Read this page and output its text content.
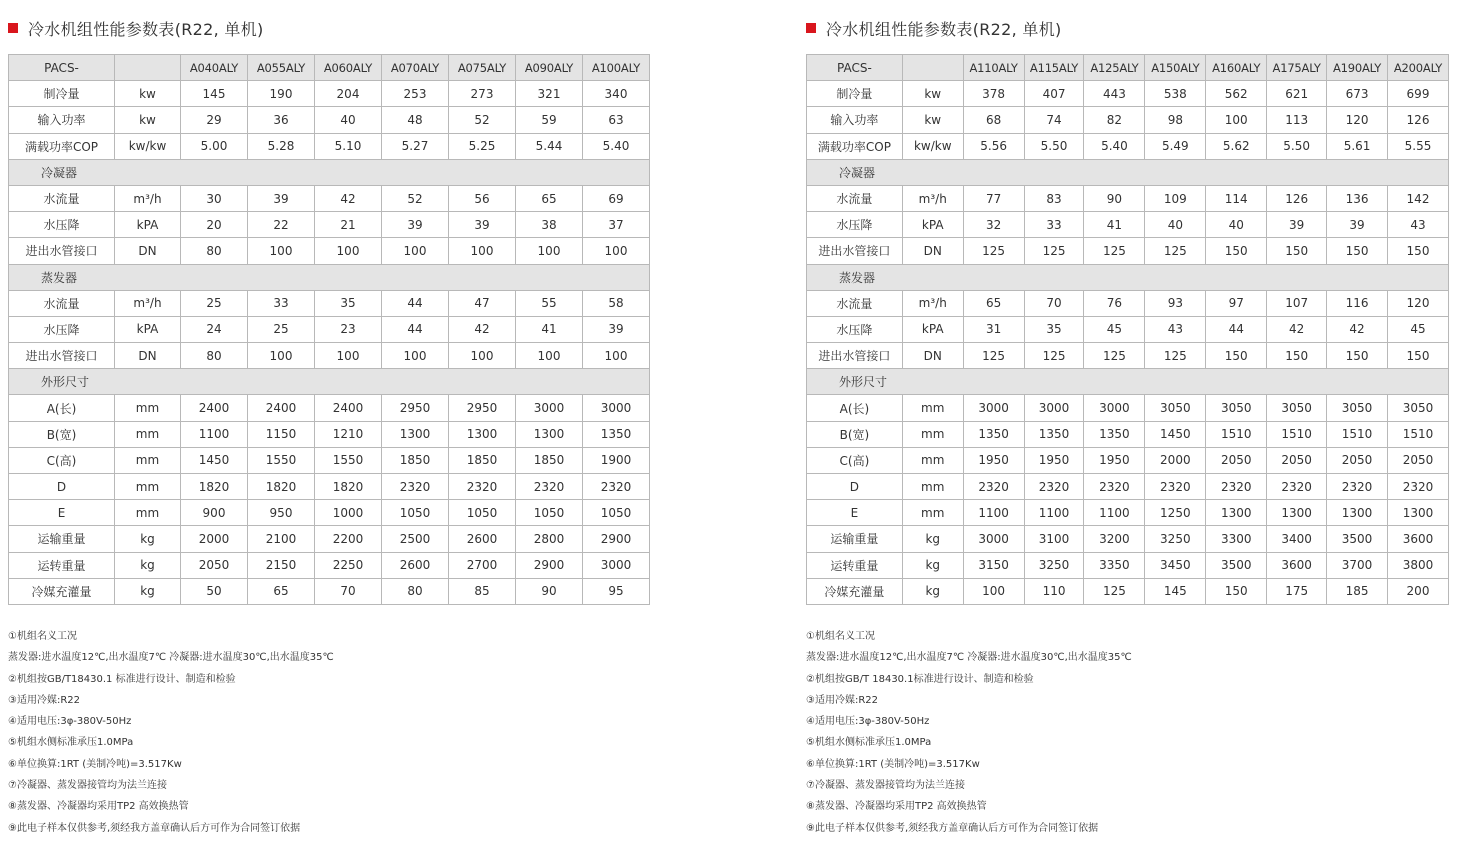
冷水机组性能参数表(R22, 单机)
PACS-		A040ALY	A055ALY	A060ALY	A070ALY	A075ALY	A090ALY	A100ALY
制冷量	kw	145	190	204	253	273	321	340
输入功率	kw	29	36	40	48	52	59	63
满载功率COP	kw/kw	5.00	5.28	5.10	5.27	5.25	5.44	5.40
冷凝器								
水流量	m³/h	30	39	42	52	56	65	69
水压降	kPA	20	22	21	39	39	38	37
进出水管接口	DN	80	100	100	100	100	100	100
蒸发器								
水流量	m³/h	25	33	35	44	47	55	58
水压降	kPA	24	25	23	44	42	41	39
进出水管接口	DN	80	100	100	100	100	100	100
外形尺寸								
A(长)	mm	2400	2400	2400	2950	2950	3000	3000
B(宽)	mm	1100	1150	1210	1300	1300	1300	1350
C(高)	mm	1450	1550	1550	1850	1850	1850	1900
D	mm	1820	1820	1820	2320	2320	2320	2320
E	mm	900	950	1000	1050	1050	1050	1050
运输重量	kg	2000	2100	2200	2500	2600	2800	2900
运转重量	kg	2050	2150	2250	2600	2700	2900	3000
冷媒充灌量	kg	50	65	70	80	85	90	95
①机组名义工况
蒸发器:进水温度12℃,出水温度7℃ 冷凝器:进水温度30℃,出水温度35℃
②机组按GB/T18430.1 标准进行设计、制造和检验
③适用冷媒:R22
④适用电压:3φ-380V-50Hz
⑤机组水侧标准承压1.0MPa
⑥单位换算:1RT (美制冷吨)=3.517Kw
⑦冷凝器、蒸发器接管均为法兰连接
⑧蒸发器、冷凝器均采用TP2 高效换热管
⑨此电子样本仅供参考,须经我方盖章确认后方可作为合同签订依据
冷水机组性能参数表(R22, 单机)
PACS-		A110ALY	A115ALY	A125ALY	A150ALY	A160ALY	A175ALY	A190ALY	A200ALY
制冷量	kw	378	407	443	538	562	621	673	699
输入功率	kw	68	74	82	98	100	113	120	126
满载功率COP	kw/kw	5.56	5.50	5.40	5.49	5.62	5.50	5.61	5.55
冷凝器									
水流量	m³/h	77	83	90	109	114	126	136	142
水压降	kPA	32	33	41	40	40	39	39	43
进出水管接口	DN	125	125	125	125	150	150	150	150
蒸发器									
水流量	m³/h	65	70	76	93	97	107	116	120
水压降	kPA	31	35	45	43	44	42	42	45
进出水管接口	DN	125	125	125	125	150	150	150	150
外形尺寸									
A(长)	mm	3000	3000	3000	3050	3050	3050	3050	3050
B(宽)	mm	1350	1350	1350	1450	1510	1510	1510	1510
C(高)	mm	1950	1950	1950	2000	2050	2050	2050	2050
D	mm	2320	2320	2320	2320	2320	2320	2320	2320
E	mm	1100	1100	1100	1250	1300	1300	1300	1300
运输重量	kg	3000	3100	3200	3250	3300	3400	3500	3600
运转重量	kg	3150	3250	3350	3450	3500	3600	3700	3800
冷媒充灌量	kg	100	110	125	145	150	175	185	200
①机组名义工况
蒸发器:进水温度12℃,出水温度7℃ 冷凝器:进水温度30℃,出水温度35℃
②机组按GB/T 18430.1标准进行设计、制造和检验
③适用冷媒:R22
④适用电压:3φ-380V-50Hz
⑤机组水侧标准承压1.0MPa
⑥单位换算:1RT (美制冷吨)=3.517Kw
⑦冷凝器、蒸发器接管均为法兰连接
⑧蒸发器、冷凝器均采用TP2 高效换热管
⑨此电子样本仅供参考,须经我方盖章确认后方可作为合同签订依据
